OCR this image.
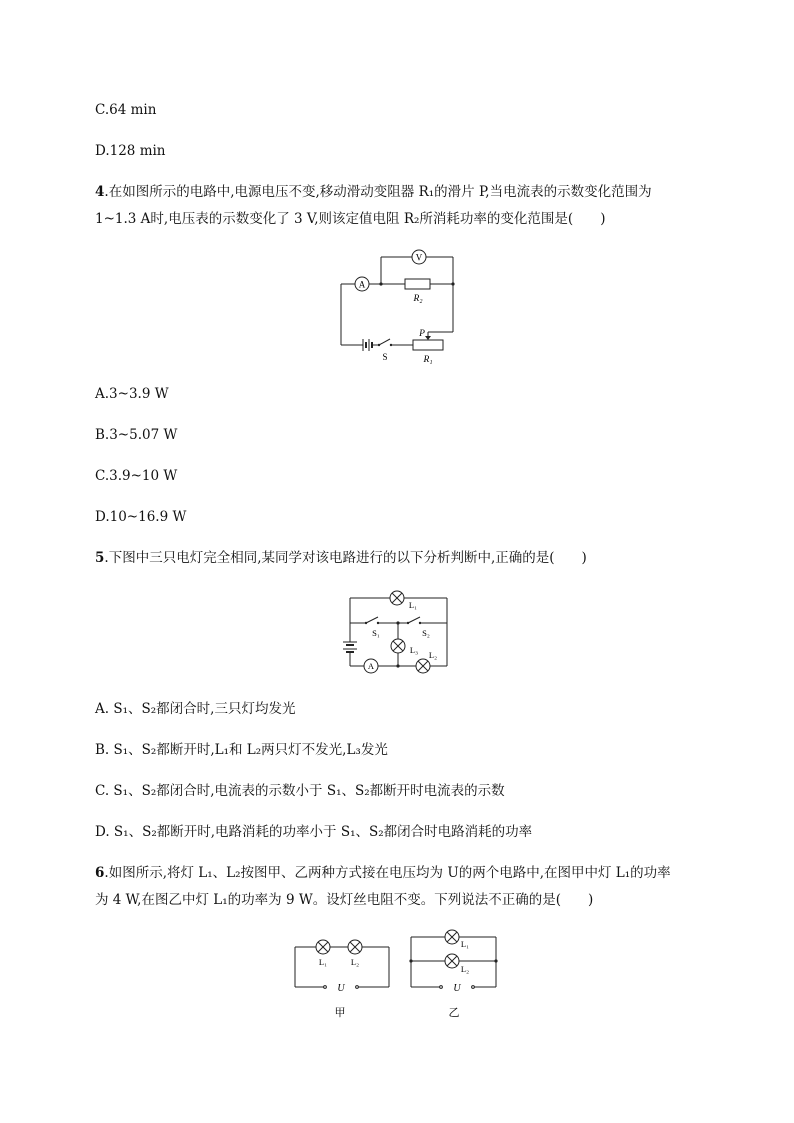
C.64 min
D.128 min
4.在如图所示的电路中,电源电压不变,移动滑动变阻器 R₁的滑片 P,当电流表的示数变化范围为
1~1.3 A时,电压表的示数变化了 3 V,则该定值电阻 R₂所消耗功率的变化范围是(　　)
V
A
R₂
P
S	R₁
A.3~3.9 W
B.3~5.07 W
C.3.9~10 W
D.10~16.9 W
5.下图中三只电灯完全相同,某同学对该电路进行的以下分析判断中,正确的是(　　)
L₁
S₁	S₂
L₃ L₂
A
A. S₁、S₂都闭合时,三只灯均发光
B. S₁、S₂都断开时,L₁和 L₂两只灯不发光,L₃发光
C. S₁、S₂都闭合时,电流表的示数小于 S₁、S₂都断开时电流表的示数
D. S₁、S₂都断开时,电路消耗的功率小于 S₁、S₂都闭合时电路消耗的功率
6.如图所示,将灯 L₁、L₂按图甲、乙两种方式接在电压均为 U的两个电路中,在图甲中灯 L₁的功率
为 4 W,在图乙中灯 L₁的功率为 9 W。设灯丝电阻不变。下列说法不正确的是(　　)
L₁	L₂
U
L₁
L₂
U
甲	乙
